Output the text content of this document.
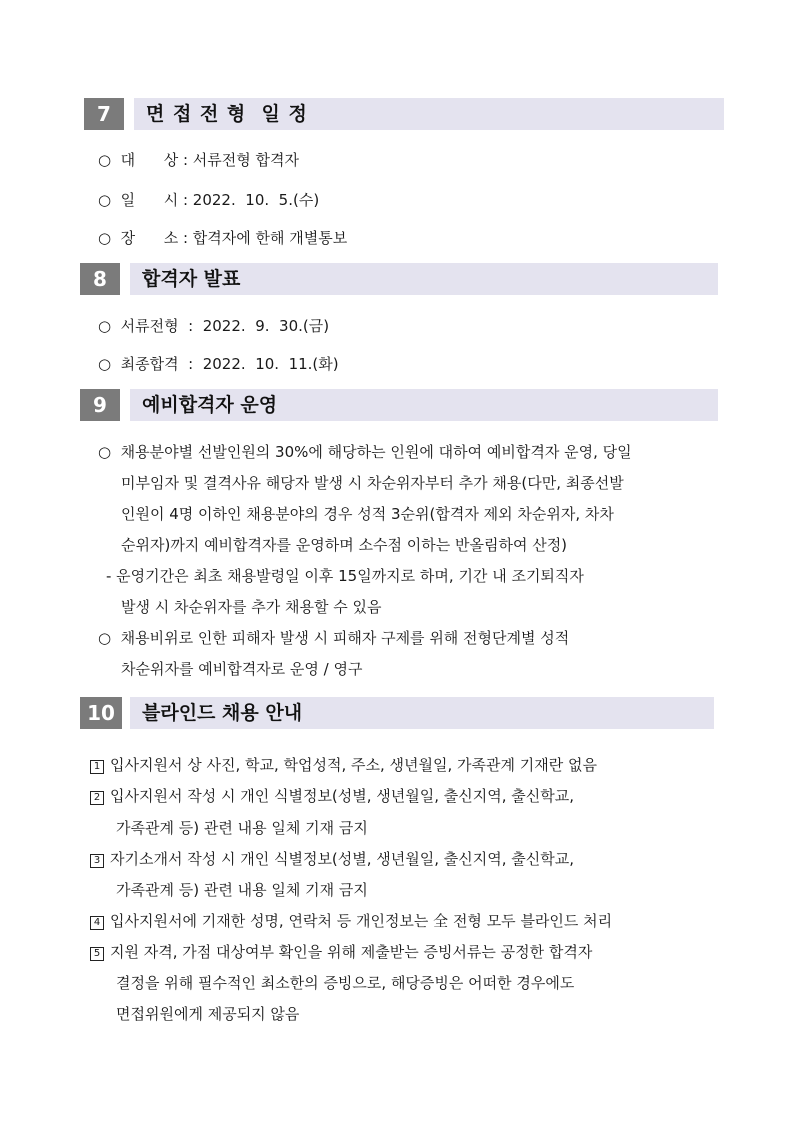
7	면 접 전 형  일 정
○  대      상 : 서류전형 합격자
○  일      시 : 2022.  10.  5.(수)
○  장      소 : 합격자에 한해 개별통보
8	합격자 발표
○  서류전형  :  2022.  9.  30.(금)
○  최종합격  :  2022.  10.  11.(화)
9	예비합격자 운영
○  채용분야별 선발인원의 30%에 해당하는 인원에 대하여 예비합격자 운영, 당일
미부임자 및 결격사유 해당자 발생 시 차순위자부터 추가 채용(다만, 최종선발
인원이 4명 이하인 채용분야의 경우 성적 3순위(합격자 제외 차순위자, 차차
순위자)까지 예비합격자를 운영하며 소수점 이하는 반올림하여 산정)
- 운영기간은 최초 채용발령일 이후 15일까지로 하며, 기간 내 조기퇴직자
발생 시 차순위자를 추가 채용할 수 있음
○  채용비위로 인한 피해자 발생 시 피해자 구제를 위해 전형단계별 성적
차순위자를 예비합격자로 운영 / 영구
10	블라인드 채용 안내
1 입사지원서 상 사진, 학교, 학업성적, 주소, 생년월일, 가족관계 기재란 없음
2 입사지원서 작성 시 개인 식별정보(성별, 생년월일, 출신지역, 출신학교,
가족관계 등) 관련 내용 일체 기재 금지
3 자기소개서 작성 시 개인 식별정보(성별, 생년월일, 출신지역, 출신학교,
가족관계 등) 관련 내용 일체 기재 금지
4 입사지원서에 기재한 성명, 연락처 등 개인정보는 全 전형 모두 블라인드 처리
5 지원 자격, 가점 대상여부 확인을 위해 제출받는 증빙서류는 공정한 합격자
결정을 위해 필수적인 최소한의 증빙으로, 해당증빙은 어떠한 경우에도
면접위원에게 제공되지 않음
